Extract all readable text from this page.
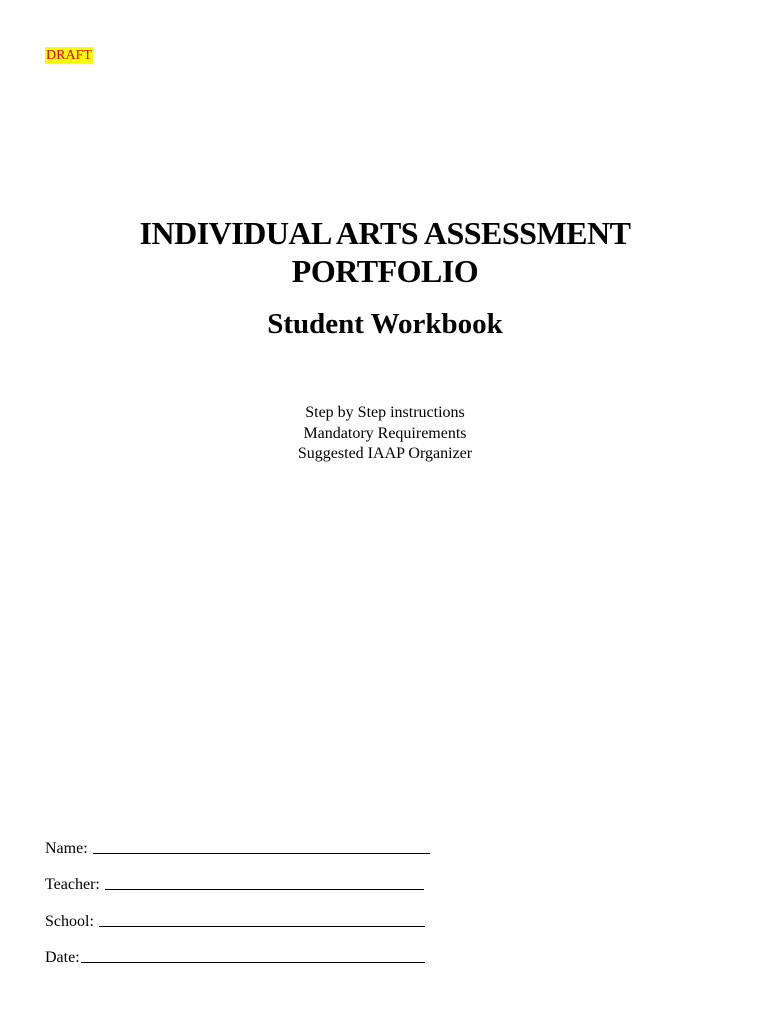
DRAFT
INDIVIDUAL ARTS ASSESSMENT
PORTFOLIO
Student Workbook
Step by Step instructions
Mandatory Requirements
Suggested IAAP Organizer
Name:
Teacher:
School:
Date:
